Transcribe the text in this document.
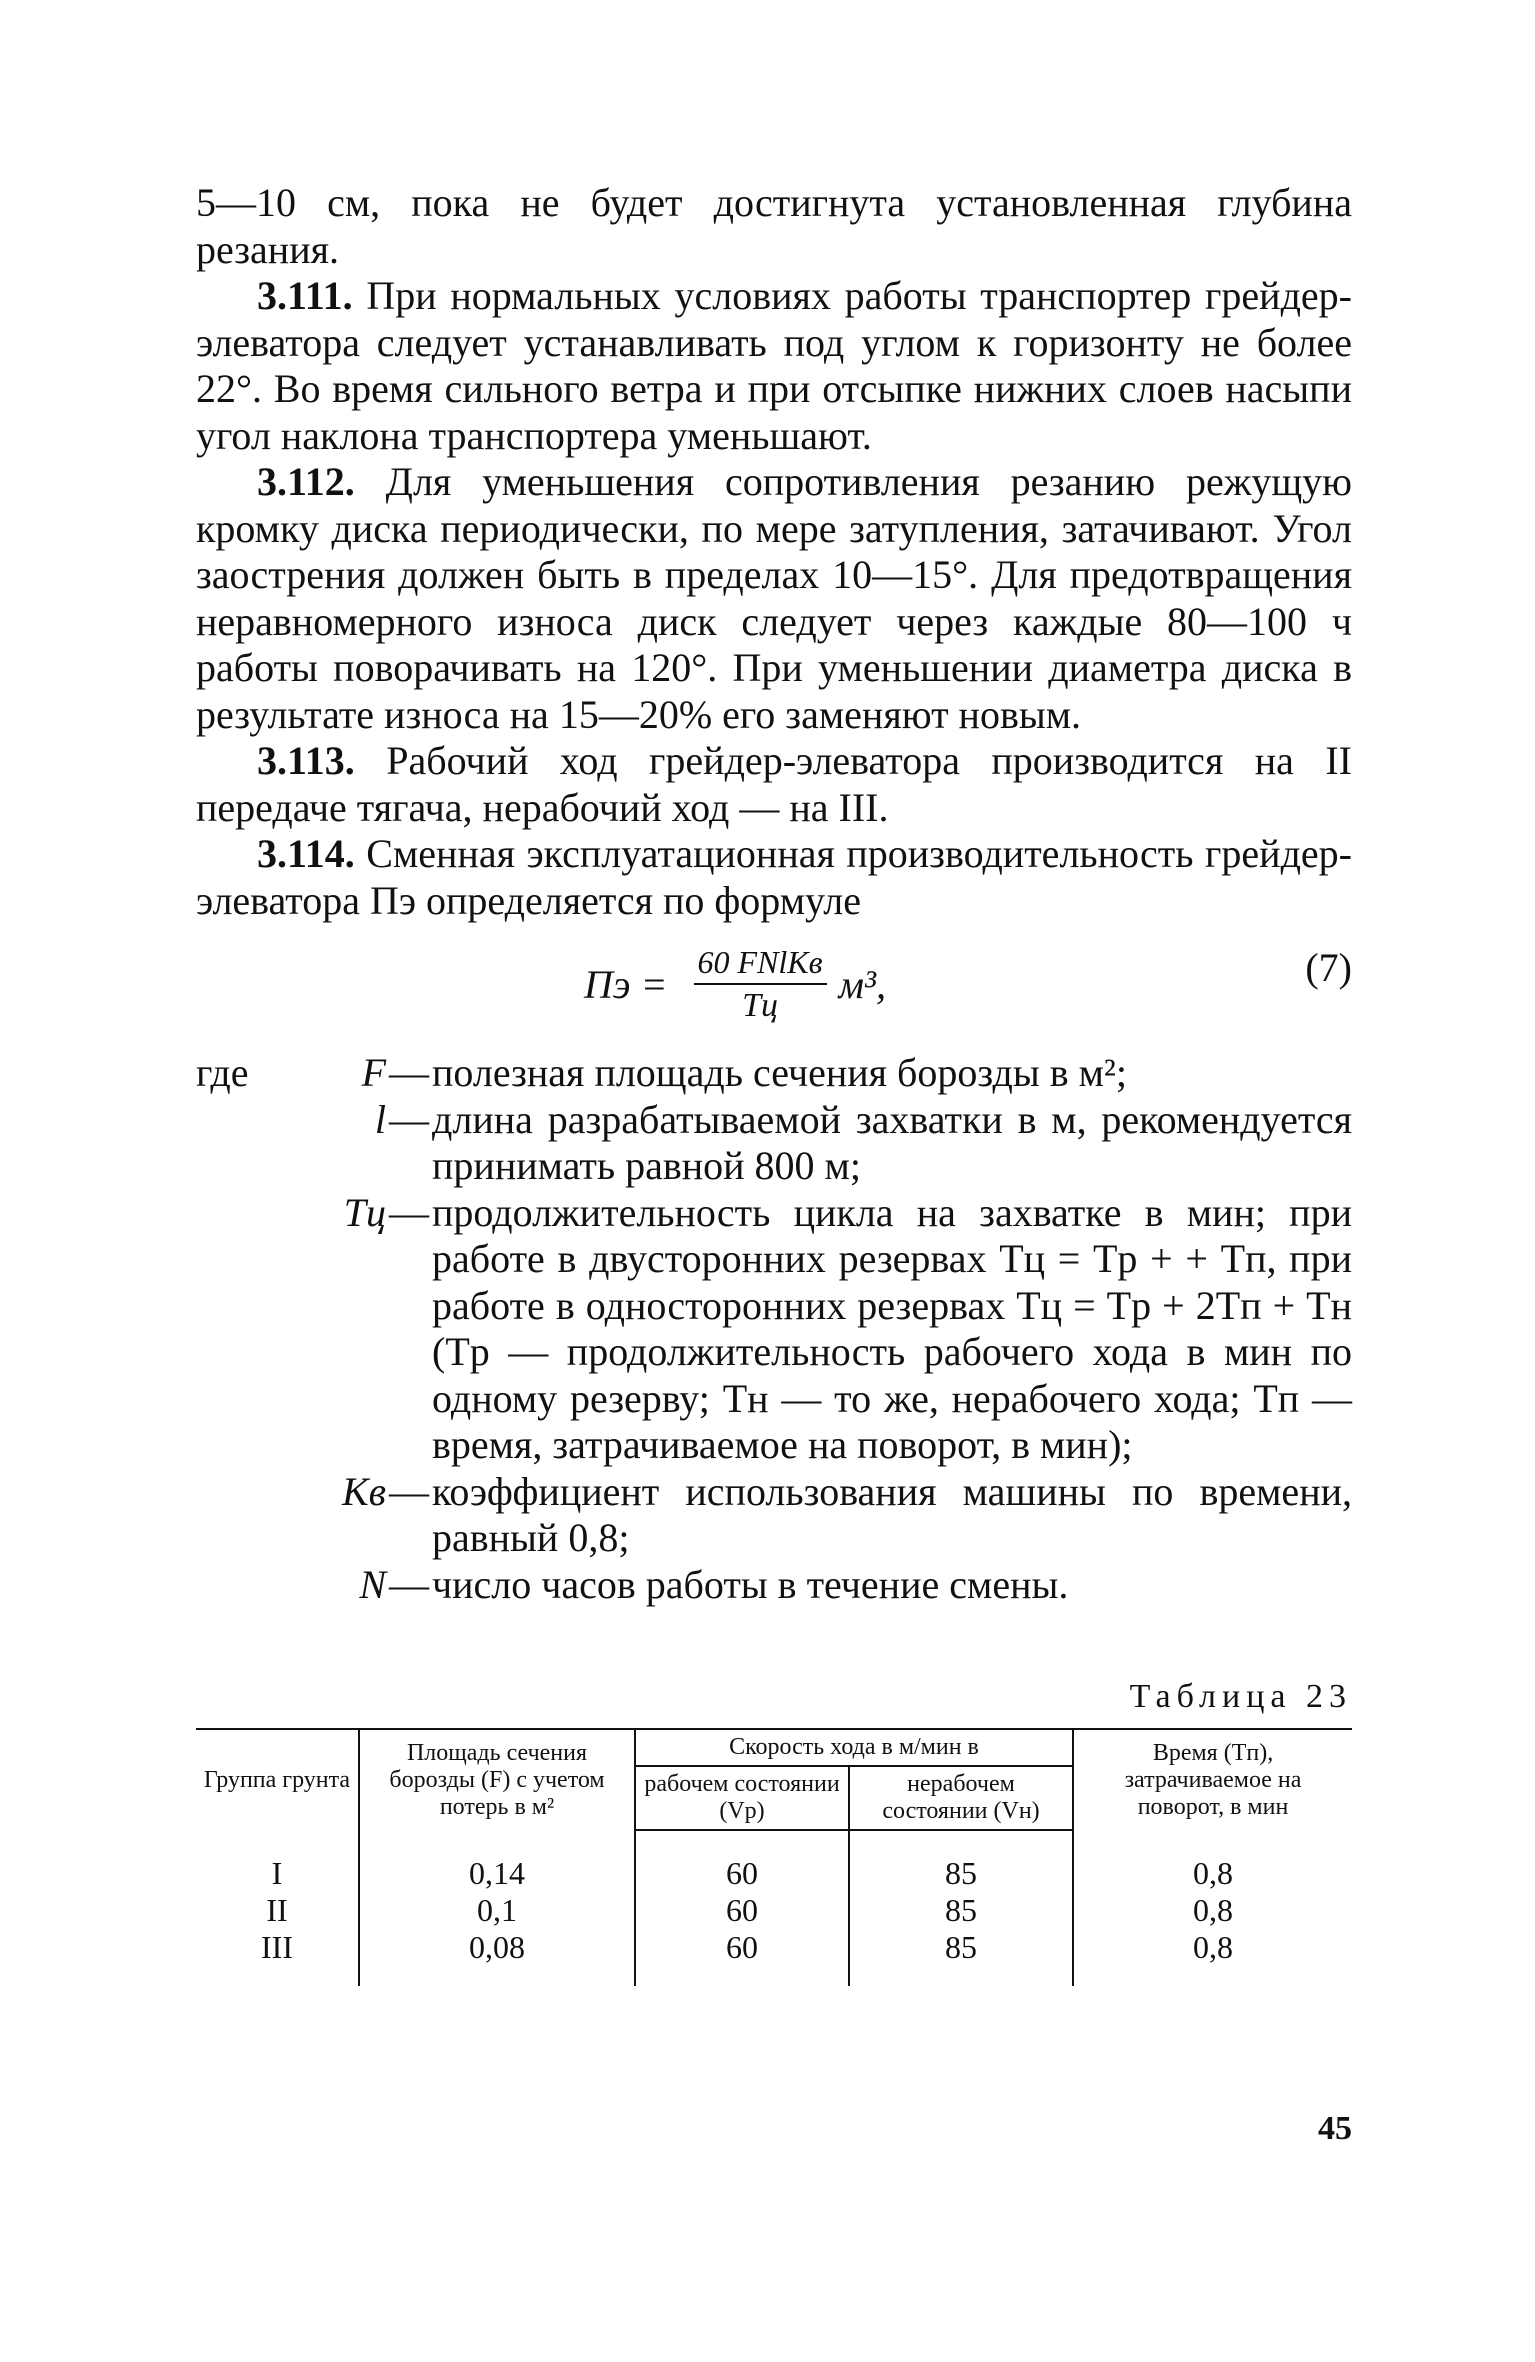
5—10 см, пока не будет достигнута установленная глубина резания.

3.111. При нормальных условиях работы транспортер грейдер-элеватора следует устанавливать под углом к горизонту не более 22°. Во время сильного ветра и при отсыпке нижних слоев насыпи угол наклона транспортера уменьшают.

3.112. Для уменьшения сопротивления резанию режущую кромку диска периодически, по мере затупления, затачивают. Угол заострения должен быть в пределах 10—15°. Для предотвращения неравномерного износа диск следует через каждые 80—100 ч работы поворачивать на 120°. При уменьшении диаметра диска в результате износа на 15—20% его заменяют новым.

3.113. Рабочий ход грейдер-элеватора производится на II передаче тягача, нерабочий ход — на III.

3.114. Сменная эксплуатационная производительность грейдер-элеватора Пэ определяется по формуле

Пэ = $\frac{\text{60 FNlKв}}{Tц} м^3$,	(7)
где	F — полезная площадь сечения борозды в м²;
l — длина разрабатываемой захватки в м, рекомендуется принимать равной 800 м;
Tц — продолжительность цикла на захватке в мин; при работе в двусторонних резервах Tц = Tр + + Tп, при работе в односторонних резервах Tц = Tр + 2Tп + Tн (Tр — продолжительность рабочего хода в мин по одному резерву; Tн — то же, нерабочего хода; Tп — время, затрачиваемое на поворот, в мин);
Kв — коэффициент использования машины по времени, равный 0,8;
N — число часов работы в течение смены.
Таблица 23
Группа грунта	Площадь сечения борозды (F) с учетом потерь в м²	Скорость хода в м/мин в		Время (Tп), затрачиваемое на поворот, в мин
		рабочем состоянии (Vр)	нерабочем состоянии (Vн)	
I	0,14	60	85	0,8
II	0,1	60	85	0,8
III	0,08	60	85	0,8
45
